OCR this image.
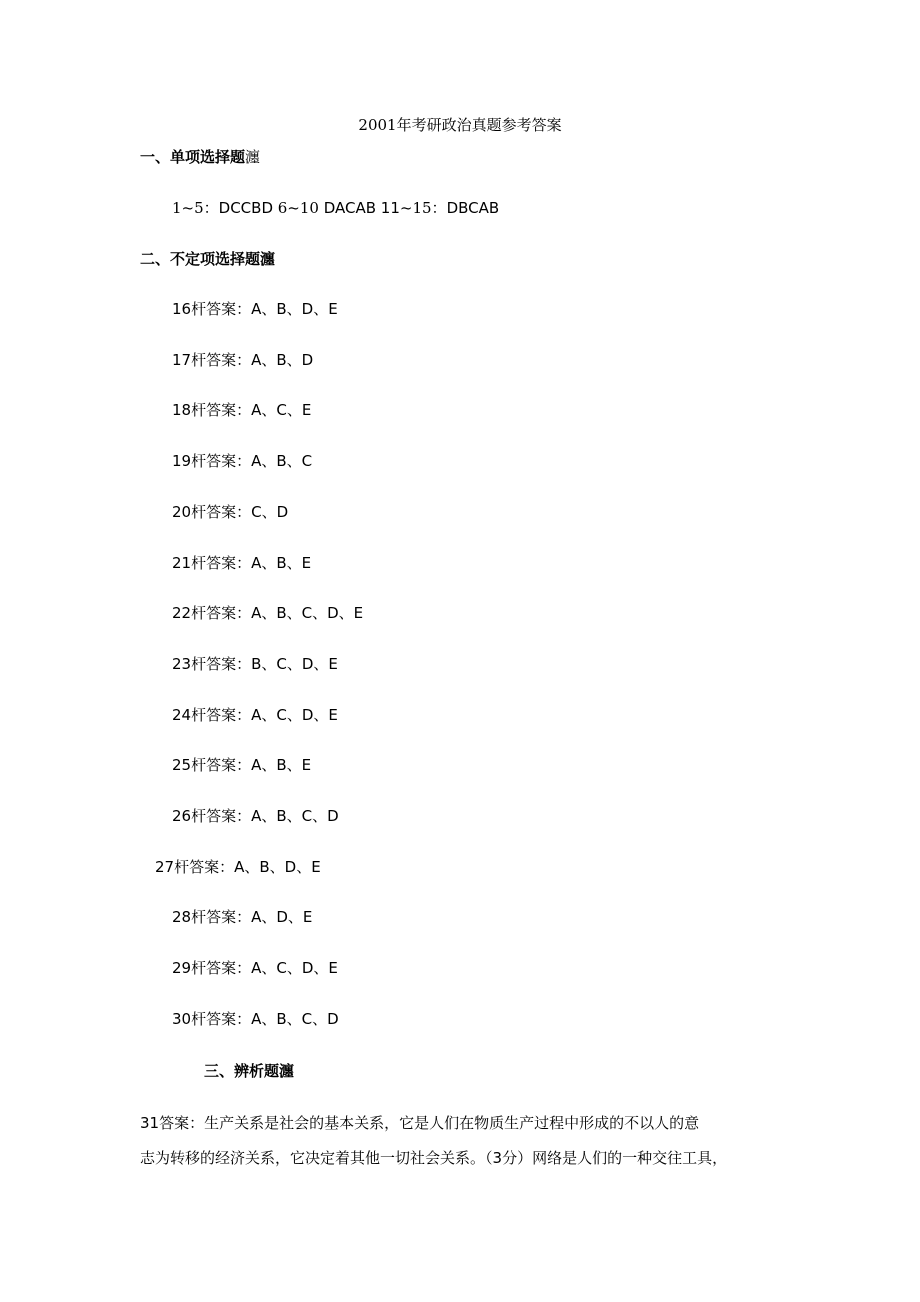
2001年考研政治真题参考答案
一、单项选择题瀍
1~5：DCCBD 6~10 DACAB 11~15：DBCAB
二、不定项选择题瀍
16杆答案：A、B、D、E
17杆答案：A、B、D
18杆答案：A、C、E
19杆答案：A、B、C
20杆答案：C、D
21杆答案：A、B、E
22杆答案：A、B、C、D、E
23杆答案：B、C、D、E
24杆答案：A、C、D、E
25杆答案：A、B、E
26杆答案：A、B、C、D
27杆答案：A、B、D、E
28杆答案：A、D、E
29杆答案：A、C、D、E
30杆答案：A、B、C、D
三、辨析题瀍
31答案：生产关系是社会的基本关系，它是人们在物质生产过程中形成的不以人的意
志为转移的经济关系，它决定着其他一切社会关系。（3分）网络是人们的一种交往工具，
